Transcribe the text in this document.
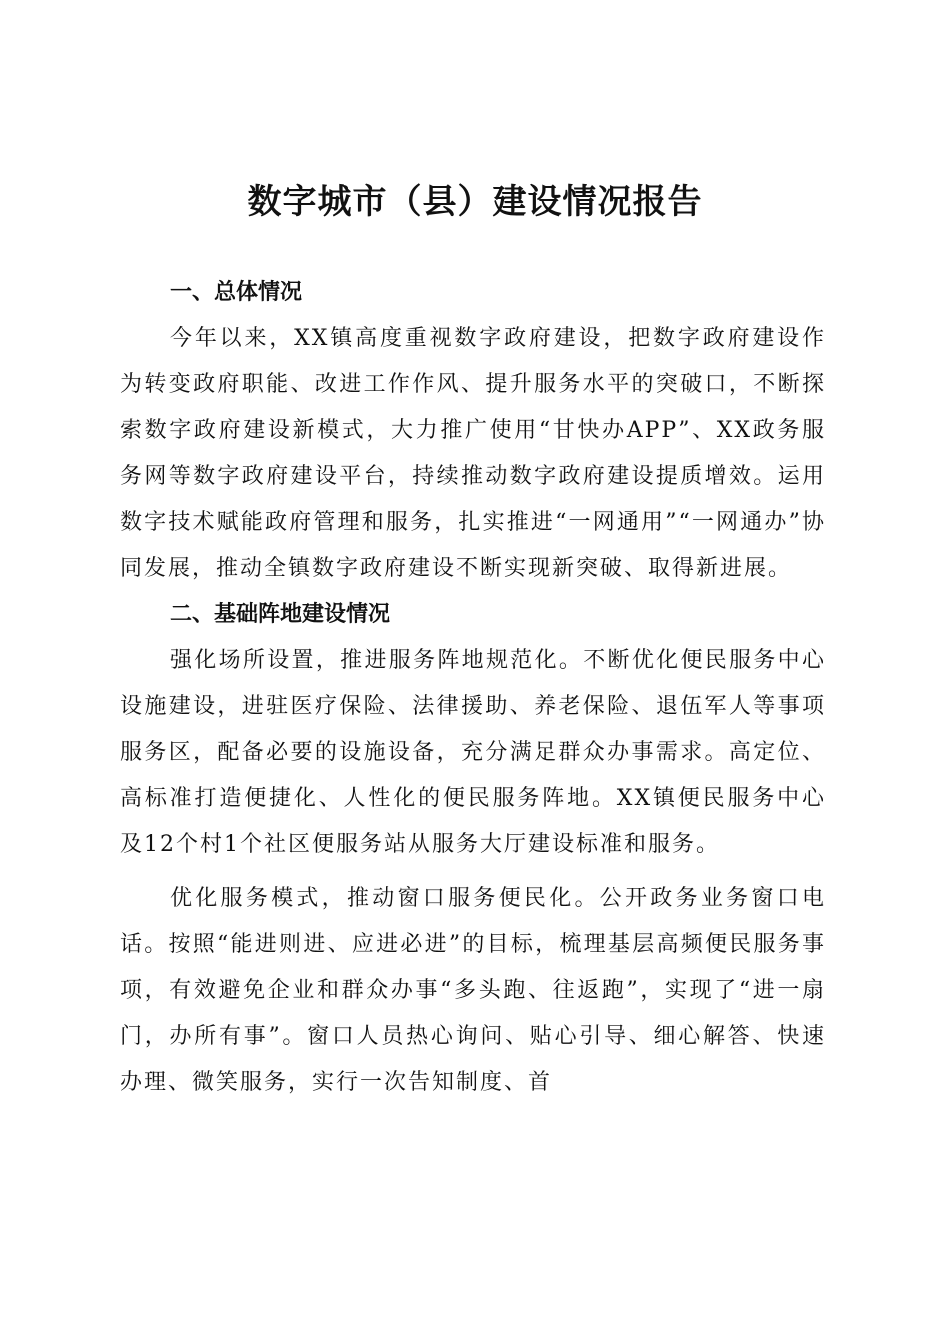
数字城市（县）建设情况报告
一、总体情况

今年以来，XX镇高度重视数字政府建设，把数字政府建设作为转变政府职能、改进工作作风、提升服务水平的突破口，不断探索数字政府建设新模式，大力推广使用“甘快办APP”、XX政务服务网等数字政府建设平台，持续推动数字政府建设提质增效。运用数字技术赋能政府管理和服务，扎实推进“一网通用”“一网通办”协同发展，推动全镇数字政府建设不断实现新突破、取得新进展。

二、基础阵地建设情况

强化场所设置，推进服务阵地规范化。不断优化便民服务中心设施建设，进驻医疗保险、法律援助、养老保险、退伍军人等事项服务区，配备必要的设施设备，充分满足群众办事需求。高定位、高标准打造便捷化、人性化的便民服务阵地。XX镇便民服务中心及12个村1个社区便服务站从服务大厅建设标准和服务。

优化服务模式，推动窗口服务便民化。公开政务业务窗口电话。按照“能进则进、应进必进”的目标，梳理基层高频便民服务事项，有效避免企业和群众办事“多头跑、往返跑”，实现了“进一扇门，办所有事”。窗口人员热心询问、贴心引导、细心解答、快速办理、微笑服务，实行一次告知制度、首
